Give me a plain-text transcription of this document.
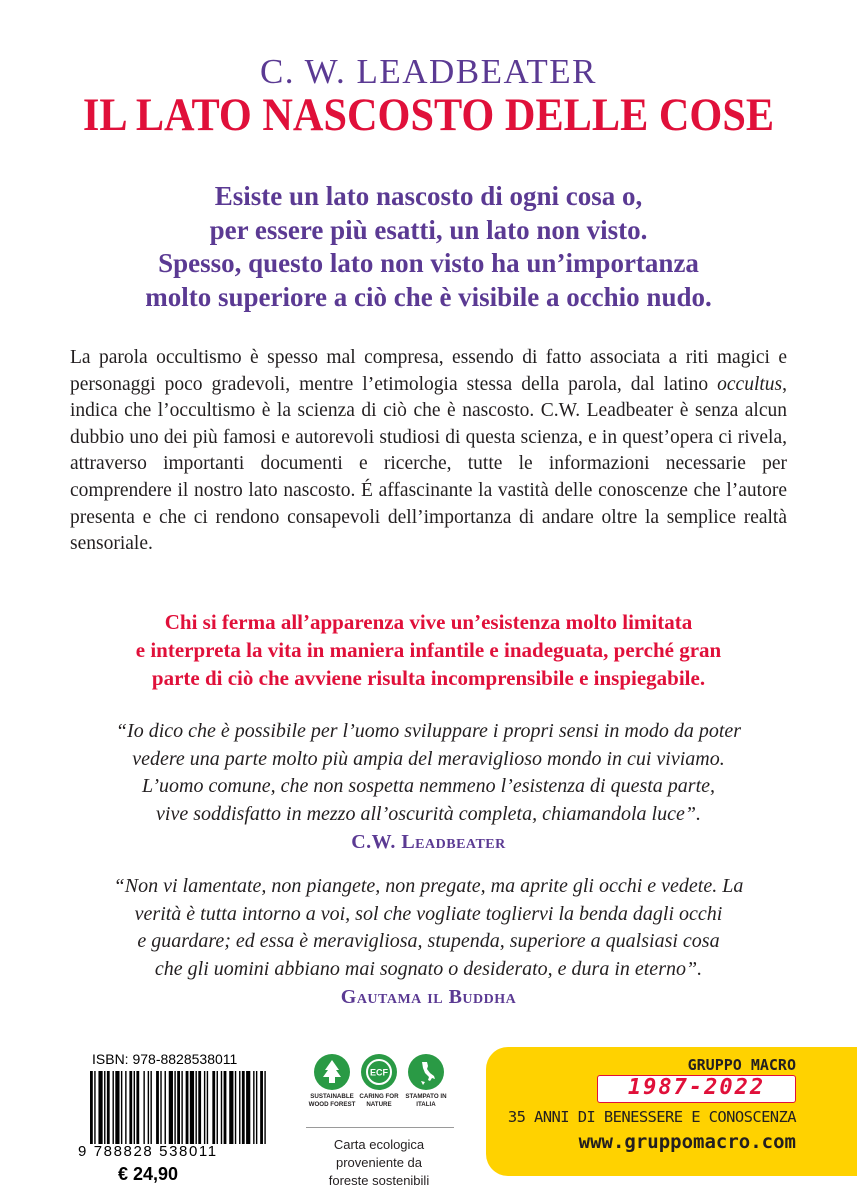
C. W. LEADBEATER
IL LATO NASCOSTO DELLE COSE
Esiste un lato nascosto di ogni cosa o,
per essere più esatti, un lato non visto.
Spesso, questo lato non visto ha un’importanza
molto superiore a ciò che è visibile a occhio nudo.

La parola occultismo è spesso mal compresa, essendo di fatto associata a riti magici e personaggi poco gradevoli, mentre l’etimologia stessa della parola, dal latino occultus, indica che l’occultismo è la scienza di ciò che è nascosto. C.W. Leadbeater è senza alcun dubbio uno dei più famosi e autorevoli studiosi di questa scienza, e in quest’opera ci rivela, attraverso importanti documenti e ricerche, tutte le informazioni necessarie per comprendere il nostro lato nascosto. É affascinante la vastità delle conoscenze che l’autore presenta e che ci rendono consapevoli dell’importanza di andare oltre la semplice realtà sensoriale.

Chi si ferma all’apparenza vive un’esistenza molto limitata
e interpreta la vita in maniera infantile e inadeguata, perché gran
parte di ciò che avviene risulta incomprensibile e inspiegabile.
“Io dico che è possibile per l’uomo sviluppare i propri sensi in modo da poter
vedere una parte molto più ampia del meraviglioso mondo in cui viviamo.
L’uomo comune, che non sospetta nemmeno l’esistenza di questa parte,
vive soddisfatto in mezzo all’oscurità completa, chiamandola luce”.
C.W. Leadbeater
“Non vi lamentate, non piangete, non pregate, ma aprite gli occhi e vedete. La
verità è tutta intorno a voi, sol che vogliate togliervi la benda dagli occhi
e guardare; ed essa è meravigliosa, stupenda, superiore a qualsiasi cosa
che gli uomini abbiano mai sognato o desiderato, e dura in eterno”.
Gautama il Buddha
ISBN: 978-8828538011
9 788828 538011
€ 24,90
ECF
SUSTAINABLE WOOD FOREST
CARING FOR NATURE
STAMPATO IN ITALIA
Carta ecologica
proveniente da
foreste sostenibili
GRUPPO MACRO
1987-2022
35 ANNI DI BENESSERE E CONOSCENZA
www.gruppomacro.com
